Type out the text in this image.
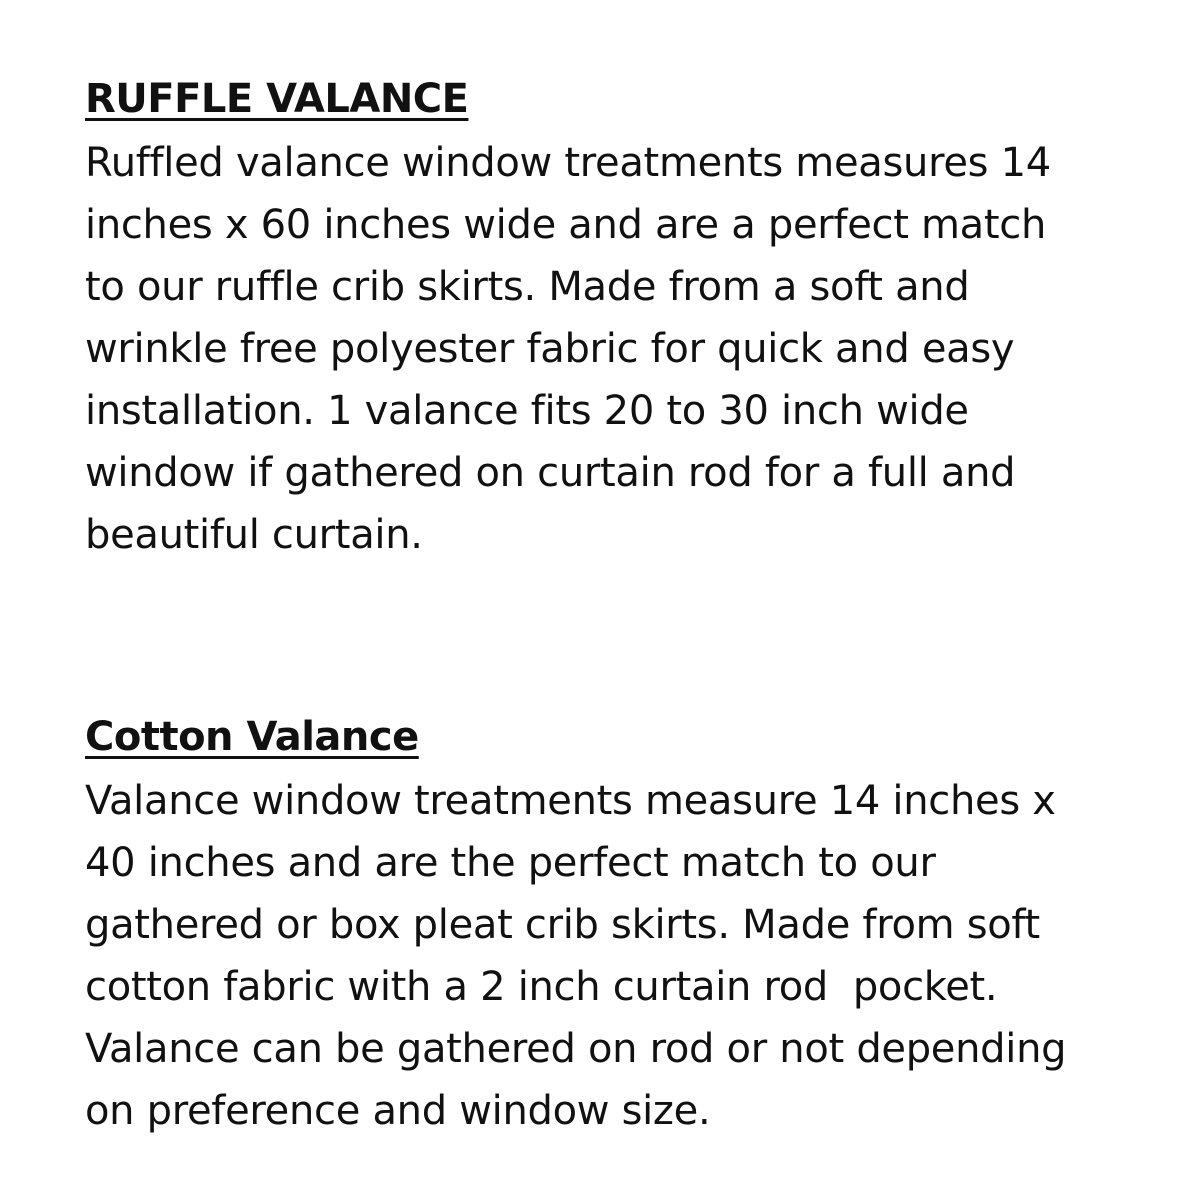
RUFFLE VALANCE

Ruffled valance window treatments measures 14
inches x 60 inches wide and are a perfect match
to our ruffle crib skirts. Made from a soft and
wrinkle free polyester fabric for quick and easy
installation. 1 valance fits 20 to 30 inch wide
window if gathered on curtain rod for a full and
beautiful curtain.

Cotton Valance

Valance window treatments measure 14 inches x
40 inches and are the perfect match to our
gathered or box pleat crib skirts. Made from soft
cotton fabric with a 2 inch curtain rod  pocket.
Valance can be gathered on rod or not depending
on preference and window size.
